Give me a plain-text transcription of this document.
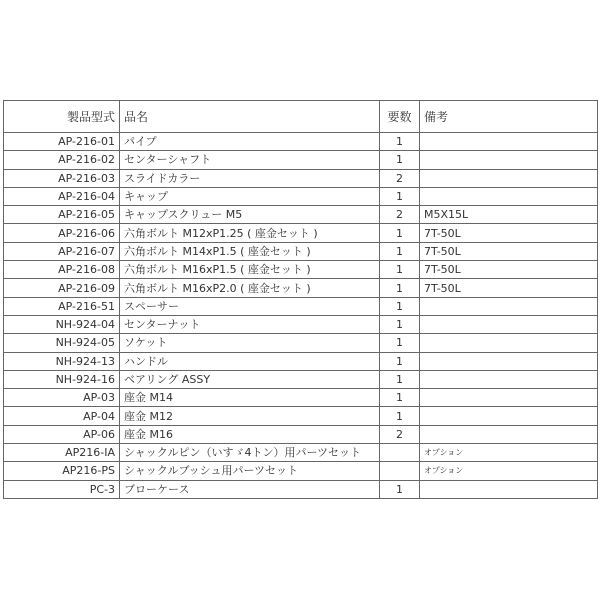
製品型式	品名	要数	備考
AP-216-01	パイプ	1	
AP-216-02	センターシャフト	1	
AP-216-03	スライドカラー	2	
AP-216-04	キャップ	1	
AP-216-05	キャップスクリュー M5	2	M5X15L
AP-216-06	六角ボルト M12xP1.25 ( 座金セット )	1	7T-50L
AP-216-07	六角ボルト M14xP1.5 ( 座金セット )	1	7T-50L
AP-216-08	六角ボルト M16xP1.5 ( 座金セット )	1	7T-50L
AP-216-09	六角ボルト M16xP2.0 ( 座金セット )	1	7T-50L
AP-216-51	スペーサー	1	
NH-924-04	センターナット	1	
NH-924-05	ソケット	1	
NH-924-13	ハンドル	1	
NH-924-16	ベアリング ASSY	1	
AP-03	座金 M14	1	
AP-04	座金 M12	1	
AP-06	座金 M16	2	
AP216-IA	シャックルピン（いすゞ4トン）用パーツセット		オプション
AP216-PS	シャックルブッシュ用パーツセット		オプション
PC-3	ブローケース	1	
